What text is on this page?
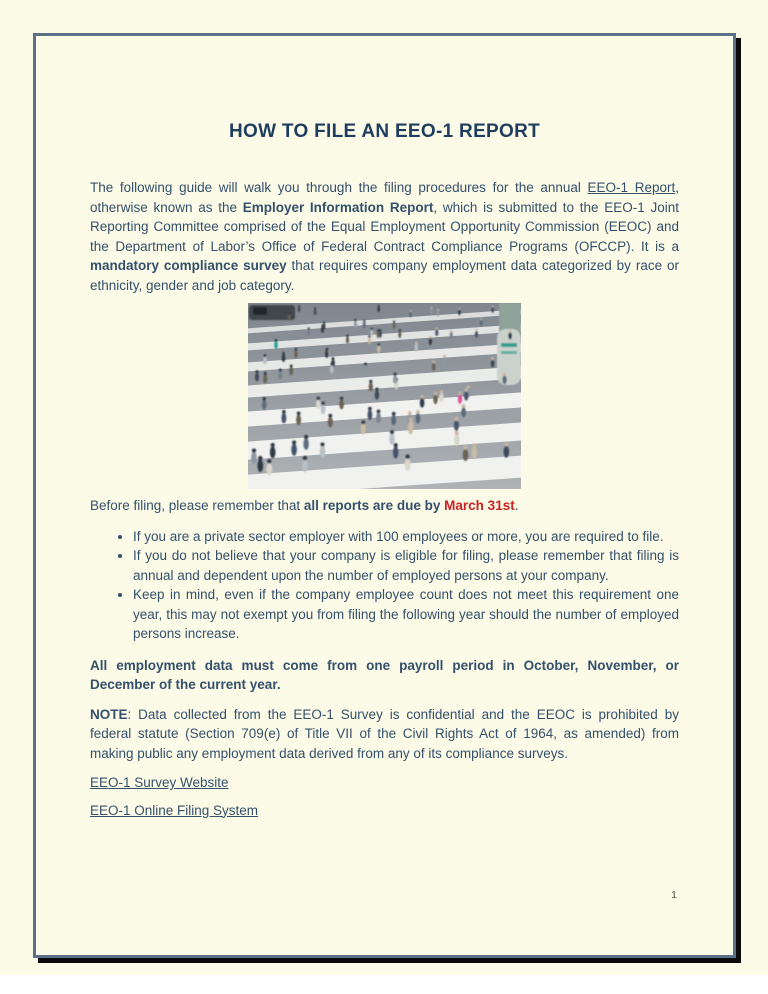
HOW TO FILE AN EEO-1 REPORT

The following guide will walk you through the filing procedures for the annual EEO-1 Report, otherwise known as the Employer Information Report, which is submitted to the EEO-1 Joint Reporting Committee comprised of the Equal Employment Opportunity Commission (EEOC) and the Department of Labor’s Office of Federal Contract Compliance Programs (OFCCP). It is a mandatory compliance survey that requires company employment data categorized by race or ethnicity, gender and job category.

Before filing, please remember that all reports are due by March 31st.

• If you are a private sector employer with 100 employees or more, you are required to file.
• If you do not believe that your company is eligible for filing, please remember that filing is annual and dependent upon the number of employed persons at your company.
• Keep in mind, even if the company employee count does not meet this requirement one year, this may not exempt you from filing the following year should the number of employed persons increase.

All employment data must come from one payroll period in October, November, or December of the current year.

NOTE: Data collected from the EEO-1 Survey is confidential and the EEOC is prohibited by federal statute (Section 709(e) of Title VII of the Civil Rights Act of 1964, as amended) from making public any employment data derived from any of its compliance surveys.

EEO-1 Survey Website

EEO-1 Online Filing System

1
